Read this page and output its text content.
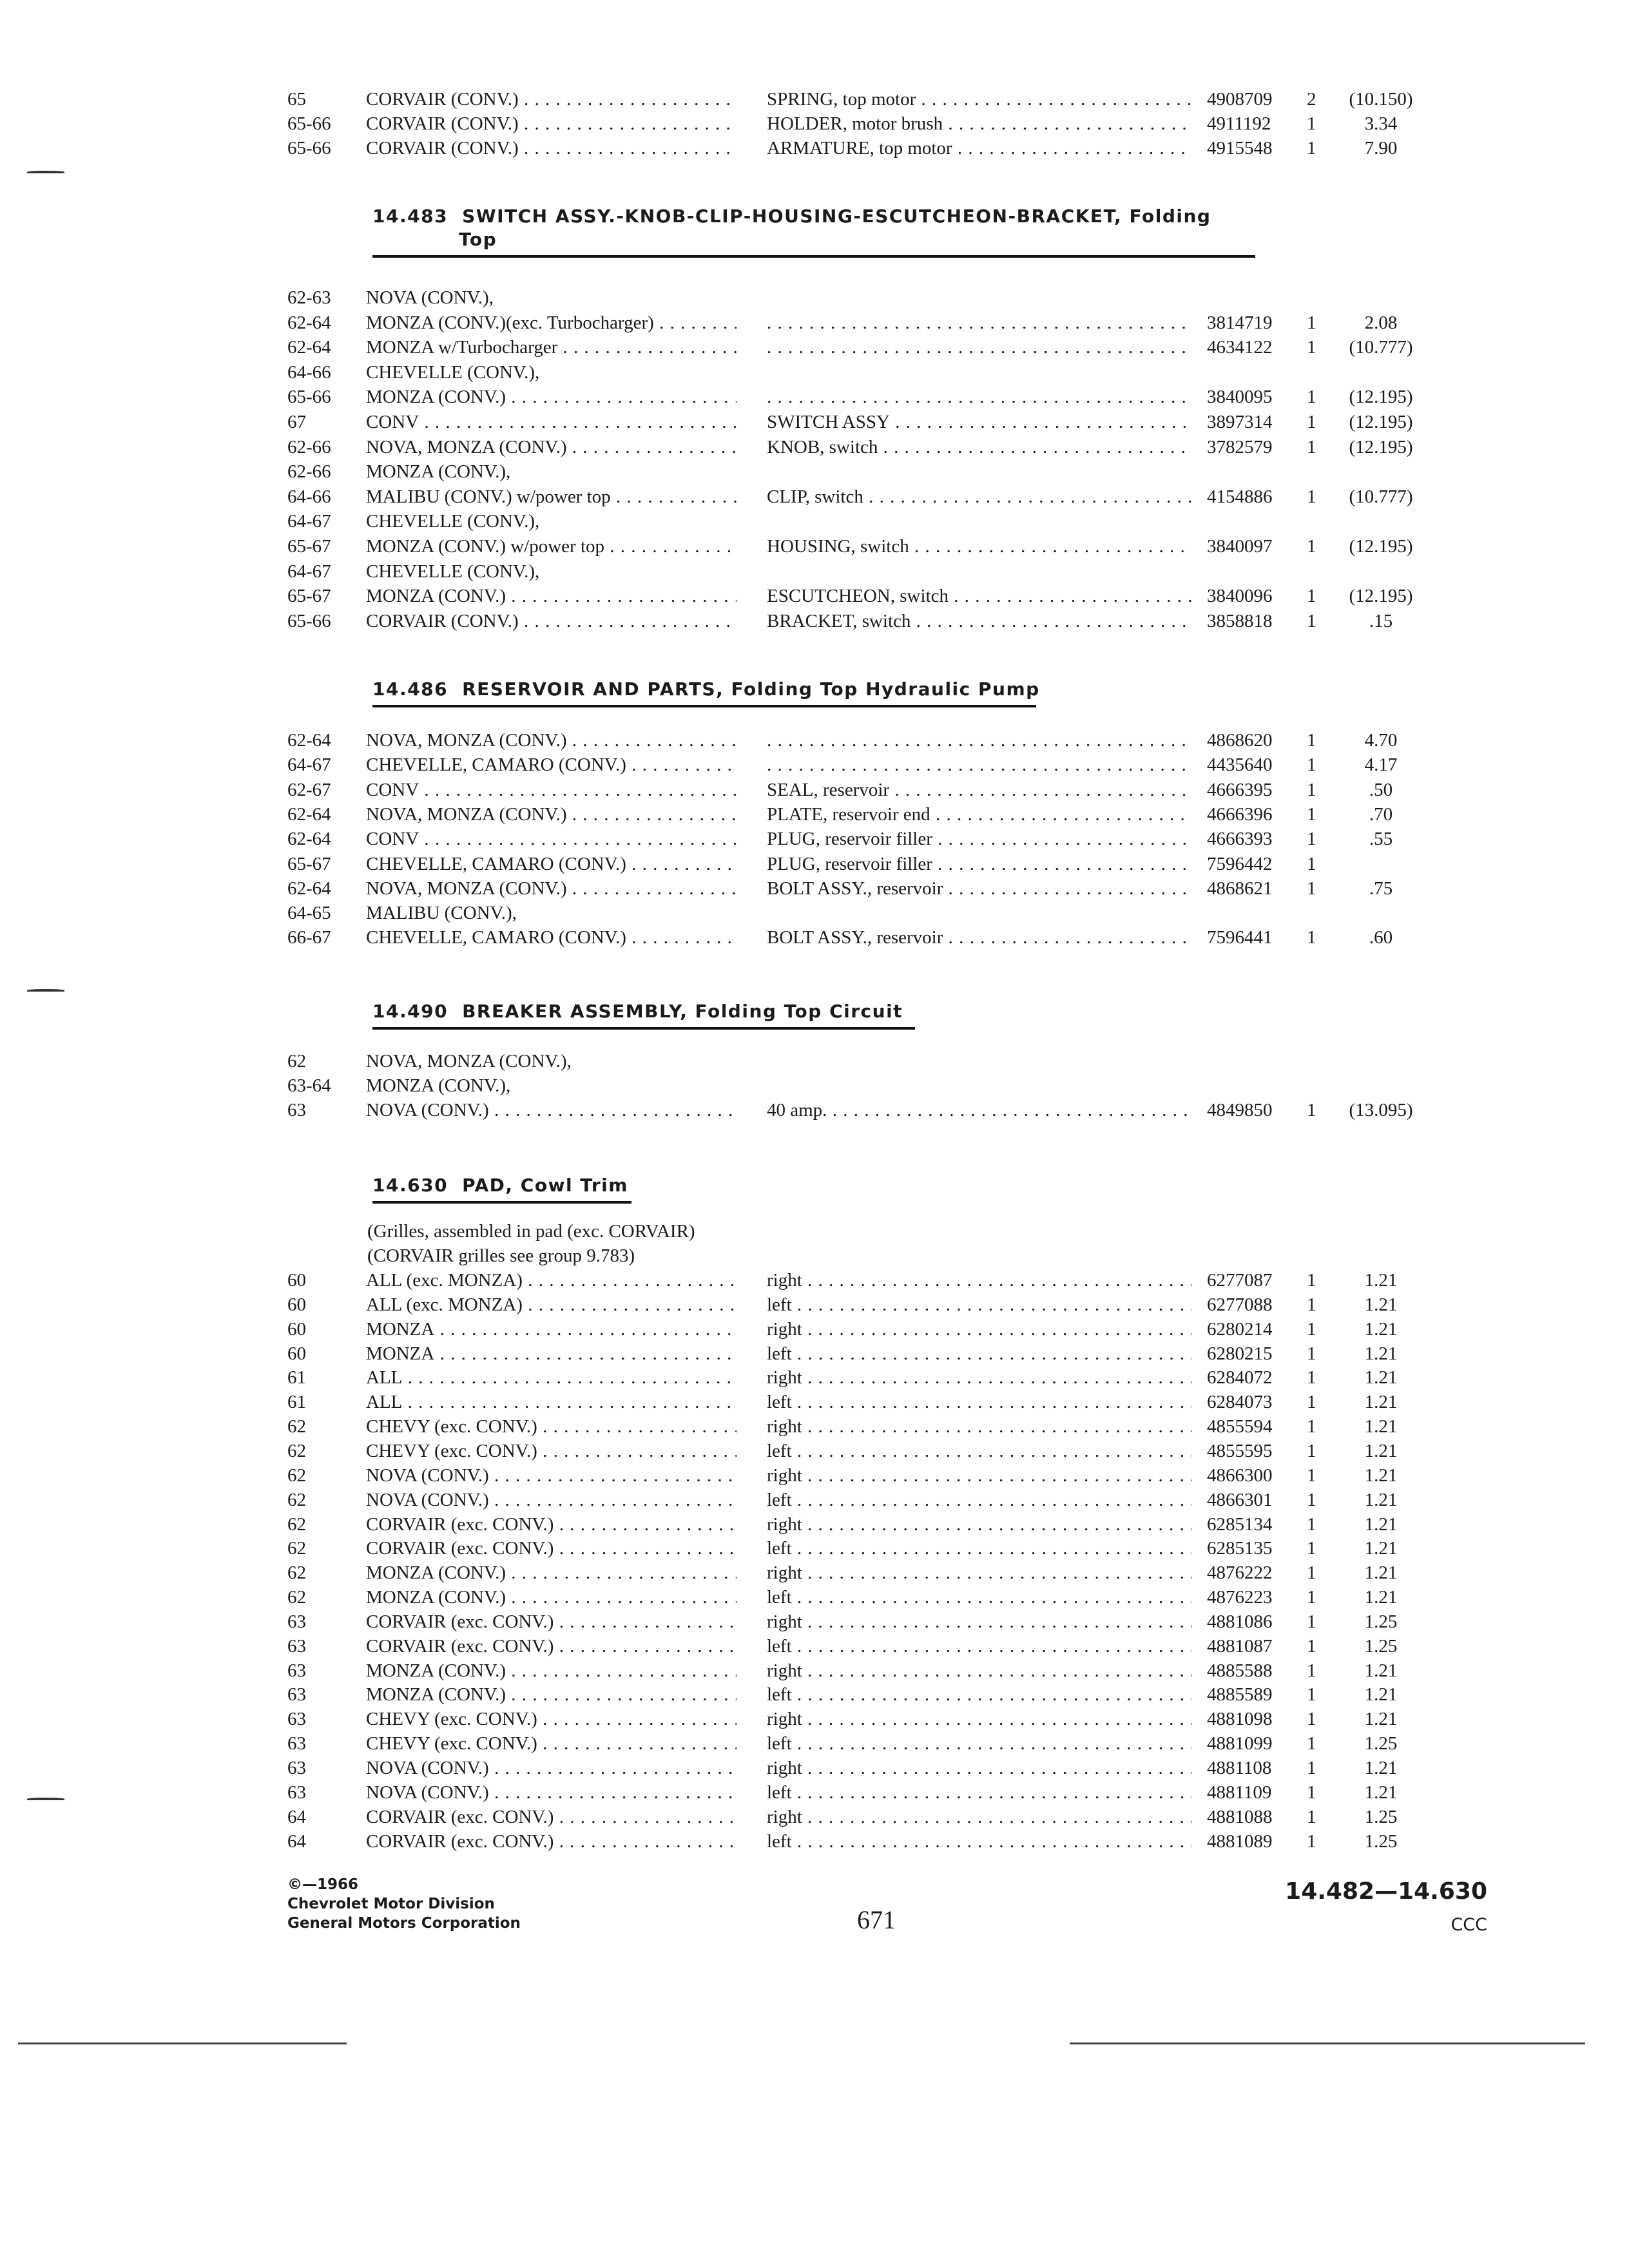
65	CORVAIR (CONV.) . . .	SPRING, top motor . . .	4908709	2	(10.150)
65-66	CORVAIR (CONV.) . . .	HOLDER, motor brush . . .	4911192	1	3.34
65-66	CORVAIR (CONV.) . . .	ARMATURE, top motor . . .	4915548	1	7.90
14.483 SWITCH ASSY.-KNOB-CLIP-HOUSING-ESCUTCHEON-BRACKET, Folding
Top
62-63	NOVA (CONV.),
62-64	MONZA (CONV.)(exc. Turbocharger) . . . . . .	3814719	1	2.08
62-64	MONZA w/Turbocharger . . . . . .	4634122	1	(10.777)
64-66	CHEVELLE (CONV.),
65-66	MONZA (CONV.) . . . . . .	3840095	1	(12.195)
67	CONV . . .	SWITCH ASSY . . .	3897314	1	(12.195)
62-66	NOVA, MONZA (CONV.) . . .	KNOB, switch . . .	3782579	1	(12.195)
62-66	MONZA (CONV.),
64-66	MALIBU (CONV.) w/power top . . .	CLIP, switch . . .	4154886	1	(10.777)
64-67	CHEVELLE (CONV.),
65-67	MONZA (CONV.) w/power top . . .	HOUSING, switch . . .	3840097	1	(12.195)
64-67	CHEVELLE (CONV.),
65-67	MONZA (CONV.) . . .	ESCUTCHEON, switch . . .	3840096	1	(12.195)
65-66	CORVAIR (CONV.) . . .	BRACKET, switch . . .	3858818	1	.15
14.486 RESERVOIR AND PARTS, Folding Top Hydraulic Pump
62-64	NOVA, MONZA (CONV.) . . . . . .	4868620	1	4.70
64-67	CHEVELLE, CAMARO (CONV.) . . . . . .	4435640	1	4.17
62-67	CONV . . .	SEAL, reservoir . . .	4666395	1	.50
62-64	NOVA, MONZA (CONV.) . . .	PLATE, reservoir end . . .	4666396	1	.70
62-64	CONV . . .	PLUG, reservoir filler . . .	4666393	1	.55
65-67	CHEVELLE, CAMARO (CONV.) . . .	PLUG, reservoir filler . . .	7596442	1
62-64	NOVA, MONZA (CONV.) . . .	BOLT ASSY., reservoir . . .	4868621	1	.75
64-65	MALIBU (CONV.),
66-67	CHEVELLE, CAMARO (CONV.) . . .	BOLT ASSY., reservoir . . .	7596441	1	.60
14.490 BREAKER ASSEMBLY, Folding Top Circuit
62	NOVA, MONZA (CONV.),
63-64	MONZA (CONV.),
63	NOVA (CONV.) . . .	40 amp. . . .	4849850	1	(13.095)
14.630 PAD, Cowl Trim
(Grilles, assembled in pad (exc. CORVAIR)
(CORVAIR grilles see group 9.783)
60	ALL (exc. MONZA) . . .	right . . .	6277087	1	1.21
60	ALL (exc. MONZA) . . .	left . . .	6277088	1	1.21
60	MONZA . . .	right . . .	6280214	1	1.21
60	MONZA . . .	left . . .	6280215	1	1.21
61	ALL . . .	right . . .	6284072	1	1.21
61	ALL . . .	left . . .	6284073	1	1.21
62	CHEVY (exc. CONV.) . . .	right . . .	4855594	1	1.21
62	CHEVY (exc. CONV.) . . .	left . . .	4855595	1	1.21
62	NOVA (CONV.) . . .	right . . .	4866300	1	1.21
62	NOVA (CONV.) . . .	left . . .	4866301	1	1.21
62	CORVAIR (exc. CONV.) . . .	right . . .	6285134	1	1.21
62	CORVAIR (exc. CONV.) . . .	left . . .	6285135	1	1.21
62	MONZA (CONV.) . . .	right . . .	4876222	1	1.21
62	MONZA (CONV.) . . .	left . . .	4876223	1	1.21
63	CORVAIR (exc. CONV.) . . .	right . . .	4881086	1	1.25
63	CORVAIR (exc. CONV.) . . .	left . . .	4881087	1	1.25
63	MONZA (CONV.) . . .	right . . .	4885588	1	1.21
63	MONZA (CONV.) . . .	left . . .	4885589	1	1.21
63	CHEVY (exc. CONV.) . . .	right . . .	4881098	1	1.21
63	CHEVY (exc. CONV.) . . .	left . . .	4881099	1	1.25
63	NOVA (CONV.) . . .	right . . .	4881108	1	1.21
63	NOVA (CONV.) . . .	left . . .	4881109	1	1.21
64	CORVAIR (exc. CONV.) . . .	right . . .	4881088	1	1.25
64	CORVAIR (exc. CONV.) . . .	left . . .	4881089	1	1.25
©—1966
Chevrolet Motor Division
General Motors Corporation	671
14.482—14.630
CCC
